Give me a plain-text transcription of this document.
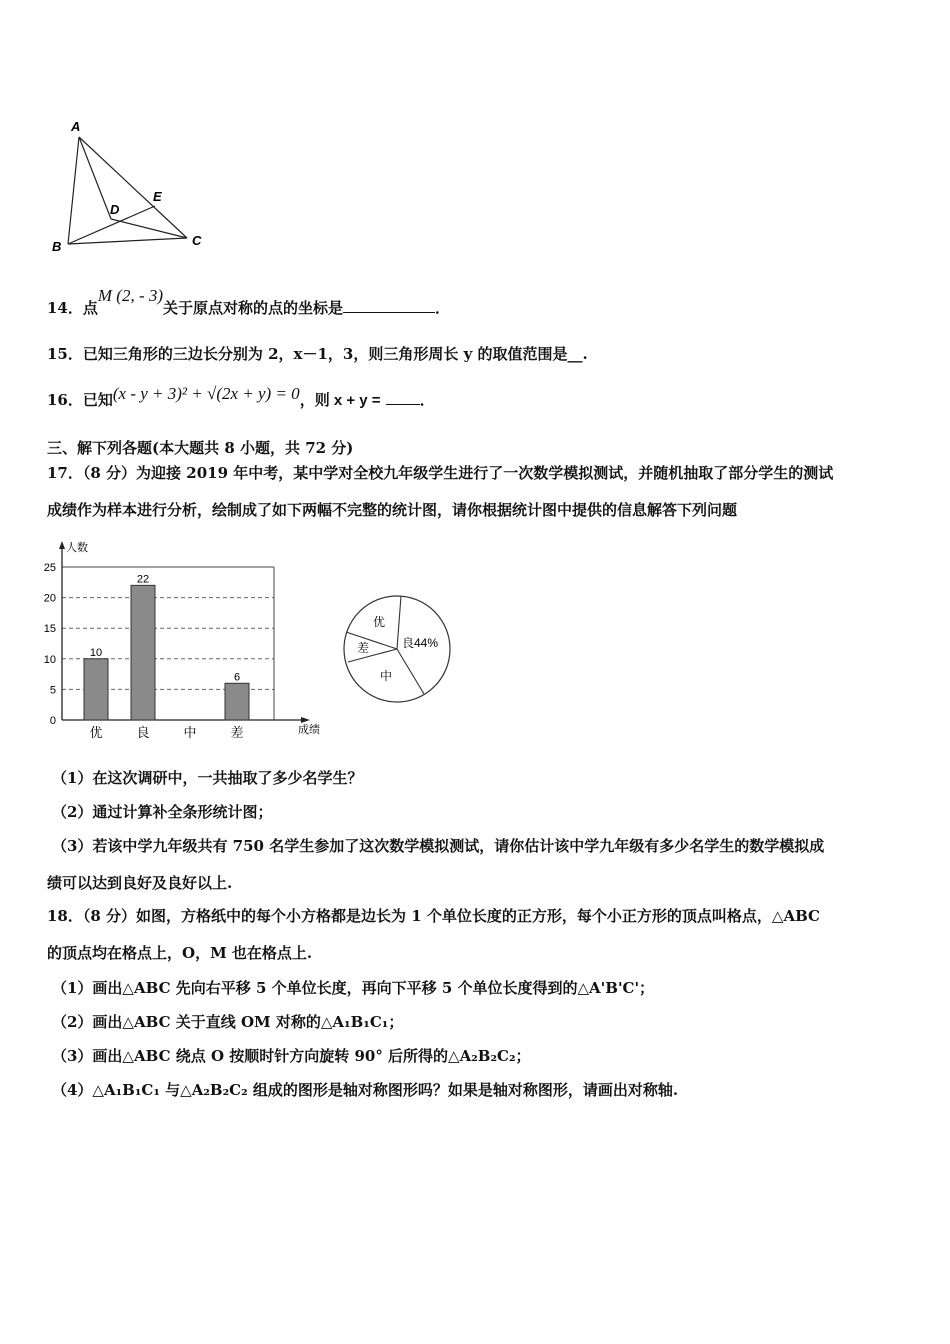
A
B	C
D
E
14．点M (2, - 3)关于原点对称的点的坐标是	．
15．已知三角形的三边长分别为 2，x－1，3，则三角形周长 y 的取值范围是__.
16．已知(x - y + 3)² + √(2x + y) = 0，则 x + y =	．
三、解下列各题(本大题共 8 小题，共 72 分)
17．（8 分）为迎接 2019 年中考，某中学对全校九年级学生进行了一次数学模拟测试，并随机抽取了部分学生的测试
成绩作为样本进行分析，绘制成了如下两幅不完整的统计图，请你根据统计图中提供的信息解答下列问题
人数
成绩
0
5
10
15
20
25
优	良	中	差
10
22
6
优
良44%
中
差
（1）在这次调研中，一共抽取了多少名学生？
（2）通过计算补全条形统计图；
（3）若该中学九年级共有 750 名学生参加了这次数学模拟测试，请你估计该中学九年级有多少名学生的数学模拟成
绩可以达到良好及良好以上.
18．（8 分）如图，方格纸中的每个小方格都是边长为 1 个单位长度的正方形，每个小正方形的顶点叫格点，△ABC
的顶点均在格点上，O，M 也在格点上.
（1）画出△ABC 先向右平移 5 个单位长度，再向下平移 5 个单位长度得到的△A'B'C'；
（2）画出△ABC 关于直线 OM 对称的△A₁B₁C₁；
（3）画出△ABC 绕点 O 按顺时针方向旋转 90° 后所得的△A₂B₂C₂；
（4）△A₁B₁C₁ 与△A₂B₂C₂ 组成的图形是轴对称图形吗？如果是轴对称图形，请画出对称轴.
